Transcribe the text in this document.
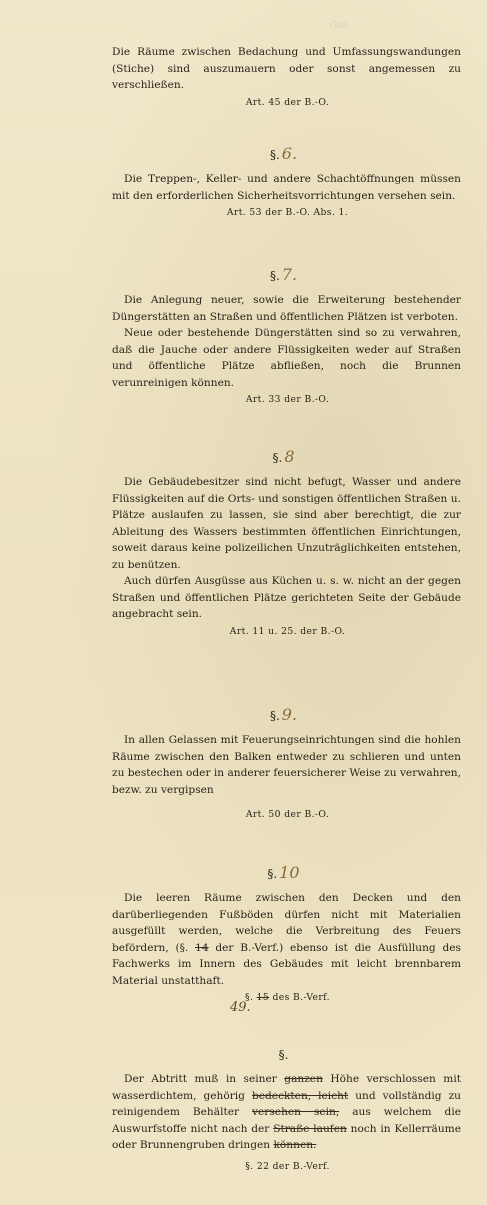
Geb

Die Räume zwischen Bedachung und Umfassungswandungen (Stiche) sind auszumauern oder sonst angemessen zu verschließen.

Art. 45 der B.-O.
§. 6.

Die Treppen-, Keller- und andere Schachtöffnungen müssen mit den erforderlichen Sicherheitsvorrichtungen versehen sein.

Art. 53 der B.-O. Abs. 1.
§. 7.

Die Anlegung neuer, sowie die Erweiterung bestehender Düngerstätten an Straßen und öffentlichen Plätzen ist verboten.

Neue oder bestehende Düngerstätten sind so zu verwahren, daß die Jauche oder andere Flüssigkeiten weder auf Straßen und öffentliche Plätze abfließen, noch die Brunnen verunreinigen können.

Art. 33 der B.-O.
§. 8

Die Gebäudebesitzer sind nicht befugt, Wasser und andere Flüssigkeiten auf die Orts- und sonstigen öffentlichen Straßen u. Plätze auslaufen zu lassen, sie sind aber berechtigt, die zur Ableitung des Wassers bestimmten öffentlichen Einrichtungen, soweit daraus keine polizeilichen Unzuträglichkeiten entstehen, zu benützen.

Auch dürfen Ausgüsse aus Küchen u. s. w. nicht an der gegen Straßen und öffentlichen Plätze gerichteten Seite der Gebäude angebracht sein.

Art. 11 u. 25. der B.-O.
§. 9.

In allen Gelassen mit Feuerungseinrichtungen sind die hohlen Räume zwischen den Balken entweder zu schlieren und unten zu bestechen oder in anderer feuersicherer Weise zu verwahren, bezw. zu vergipsen

Art. 50 der B.-O.
§. 10

Die leeren Räume zwischen den Decken und den darüberliegenden Fußböden dürfen nicht mit Materialien ausgefüllt werden, welche die Verbreitung des Feuers befördern, (§. 14 der B.-Verf.) ebenso ist die Ausfüllung des Fachwerks im Innern des Gebäudes mit leicht brennbarem Material unstatthaft.

§. 15 des B.-Verf.
49.
§.

Der Abtritt muß in seiner ganzen Höhe verschlossen mit wasserdichtem, gehörig bedeckten, leicht und vollständig zu reinigendem Behälter versehen sein, aus welchem die Auswurfstoffe nicht nach der Straße laufen noch in Kellerräume oder Brunnengruben dringen können.

§. 22 der B.-Verf.
